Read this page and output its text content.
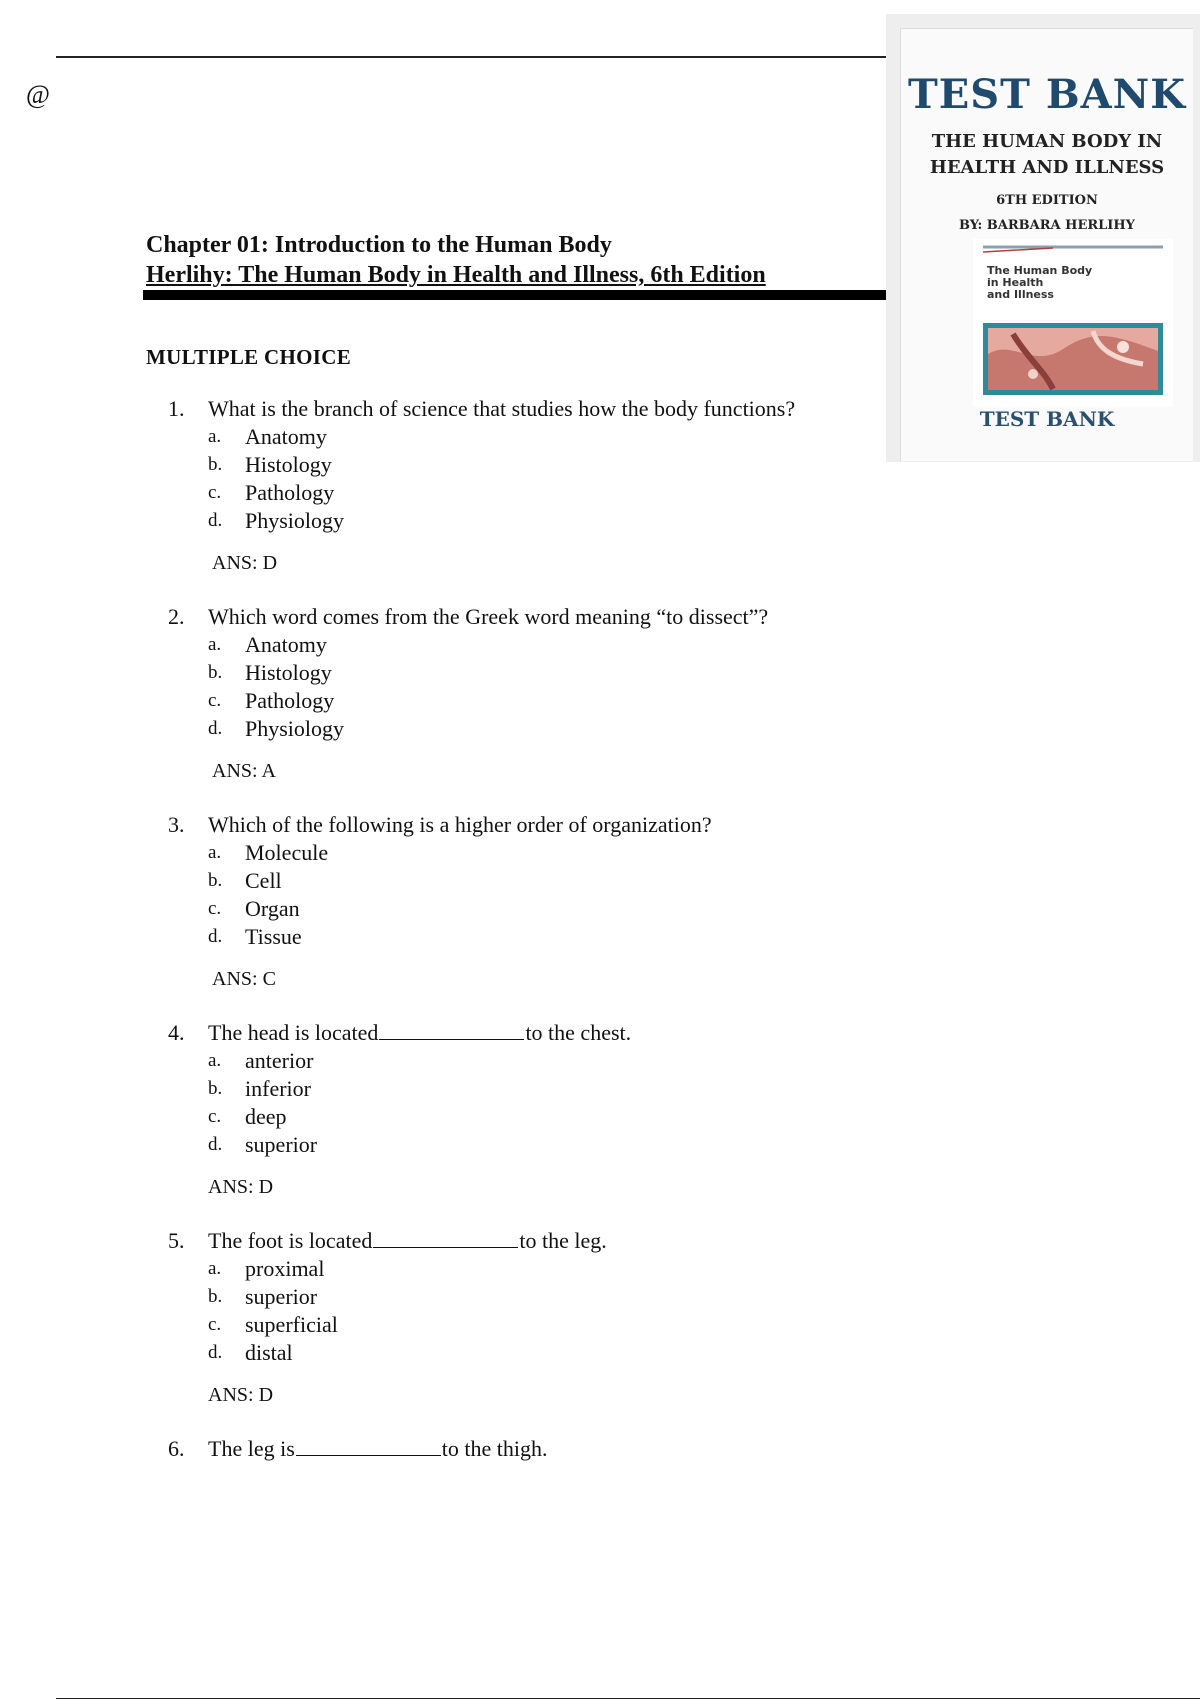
@
Chapter 01: Introduction to the Human Body
Herlihy: The Human Body in Health and Illness, 6th Edition
MULTIPLE CHOICE
1.	What is the branch of science that studies how the body functions?
a.	Anatomy
b.	Histology
c.	Pathology
d.	Physiology
ANS: D
2.	Which word comes from the Greek word meaning “to dissect”?
a.	Anatomy
b.	Histology
c.	Pathology
d.	Physiology
ANS: A
3.	Which of the following is a higher order of organization?
a.	Molecule
b.	Cell
c.	Organ
d.	Tissue
ANS: C
4.	The head is located	to the chest.
a.	anterior
b.	inferior
c.	deep
d.	superior
ANS: D
5.	The foot is located	to the leg.
a.	proximal
b.	superior
c.	superficial
d.	distal
ANS: D
6.	The leg is	to the thigh.
TEST BANK
THE HUMAN BODY IN
HEALTH AND ILLNESS
6TH EDITION
BY: BARBARA HERLIHY
The Human Body
in Health
and Illness
TEST BANK
